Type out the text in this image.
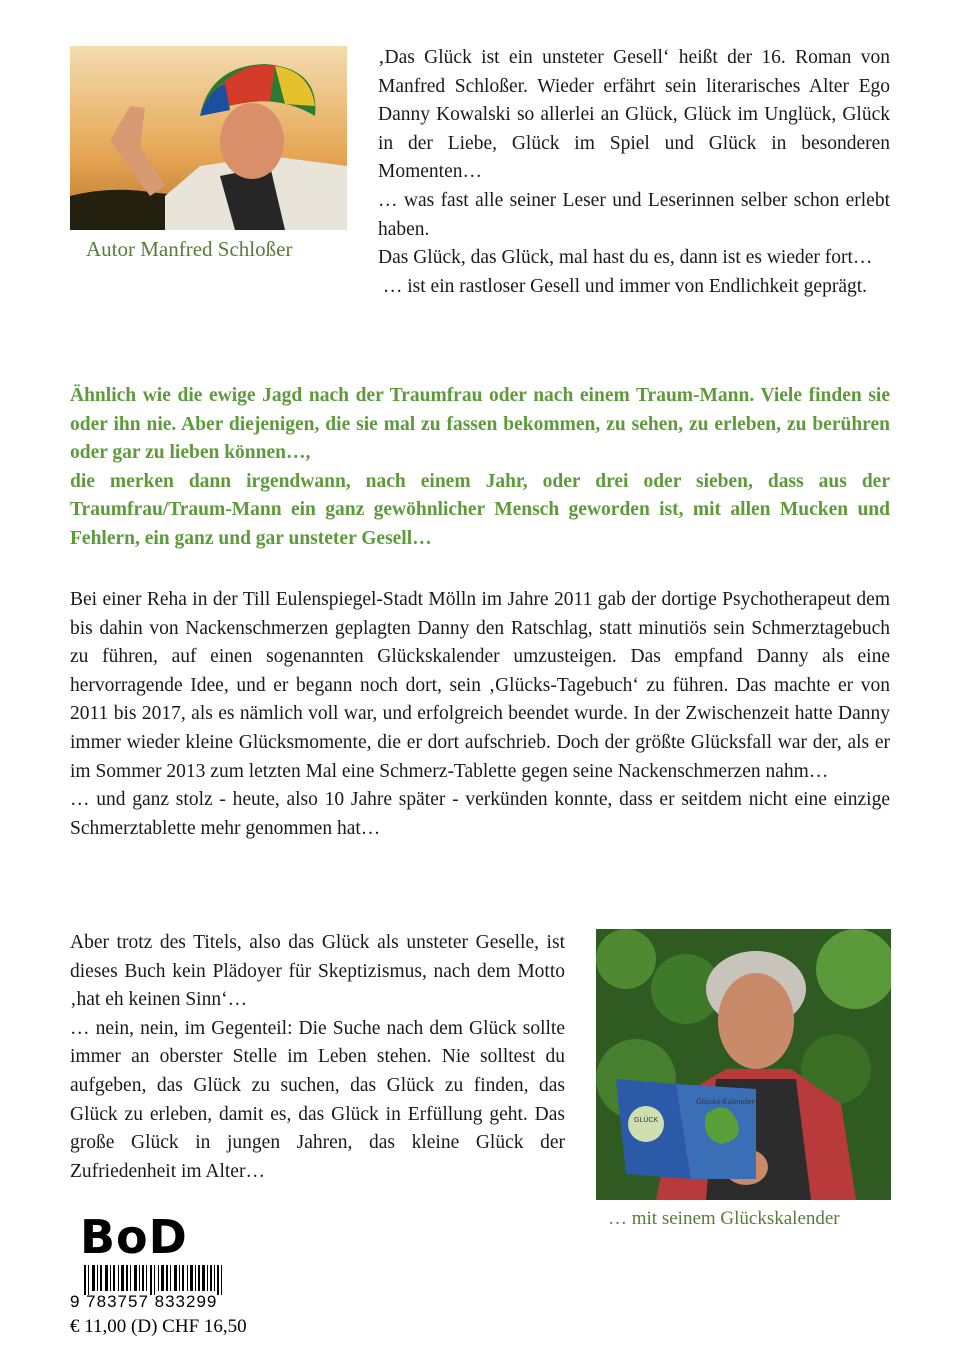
Autor Manfred Schloßer

‚Das Glück ist ein unsteter Gesell‘ heißt der 16. Roman von Manfred Schloßer. Wieder erfährt sein literarisches Alter Ego Danny Kowalski so allerlei an Glück, Glück im Unglück, Glück in der Liebe, Glück im Spiel und Glück in besonderen Momenten…

… was fast alle seiner Leser und Leserinnen selber schon erlebt haben.

Das Glück, das Glück, mal hast du es, dann ist es wieder fort…

… ist ein rastloser Gesell und immer von Endlichkeit geprägt.

Ähnlich wie die ewige Jagd nach der Traumfrau oder nach einem Traum-Mann. Viele finden sie oder ihn nie. Aber diejenigen, die sie mal zu fassen bekommen, zu sehen, zu erleben, zu berühren oder gar zu lieben können…,

die merken dann irgendwann, nach einem Jahr, oder drei oder sieben, dass aus der Traumfrau/Traum-Mann ein ganz gewöhnlicher Mensch geworden ist, mit allen Mucken und Fehlern, ein ganz und gar unsteter Gesell…

Bei einer Reha in der Till Eulenspiegel-Stadt Mölln im Jahre 2011 gab der dortige Psychotherapeut dem bis dahin von Nackenschmerzen geplagten Danny den Ratschlag, statt minutiös sein Schmerztagebuch zu führen, auf einen sogenannten Glückskalender umzusteigen. Das empfand Danny als eine hervorragende Idee, und er begann noch dort, sein ‚Glücks-Tagebuch‘ zu führen. Das machte er von 2011 bis 2017, als es nämlich voll war, und erfolgreich beendet wurde. In der Zwischenzeit hatte Danny immer wieder kleine Glücksmomente, die er dort aufschrieb. Doch der größte Glücksfall war der, als er im Sommer 2013 zum letzten Mal eine Schmerz-Tablette gegen seine Nackenschmerzen nahm…

… und ganz stolz - heute, also 10 Jahre später - verkünden konnte, dass er seitdem nicht eine einzige Schmerztablette mehr genommen hat…

Aber trotz des Titels, also das Glück als unsteter Geselle, ist dieses Buch kein Plädoyer für Skeptizismus, nach dem Motto ‚hat eh keinen Sinn‘…

… nein, nein, im Gegenteil: Die Suche nach dem Glück sollte immer an oberster Stelle im Leben stehen. Nie solltest du aufgeben, das Glück zu suchen, das Glück zu finden, das Glück zu erleben, damit es, das Glück in Erfüllung geht. Das große Glück in jungen Jahren, das kleine Glück der Zufriedenheit im Alter…

GLÜCK
Glücks-Kalender
… mit seinem Glückskalender
BoD
9 783757 833299
€ 11,00 (D) CHF 16,50
